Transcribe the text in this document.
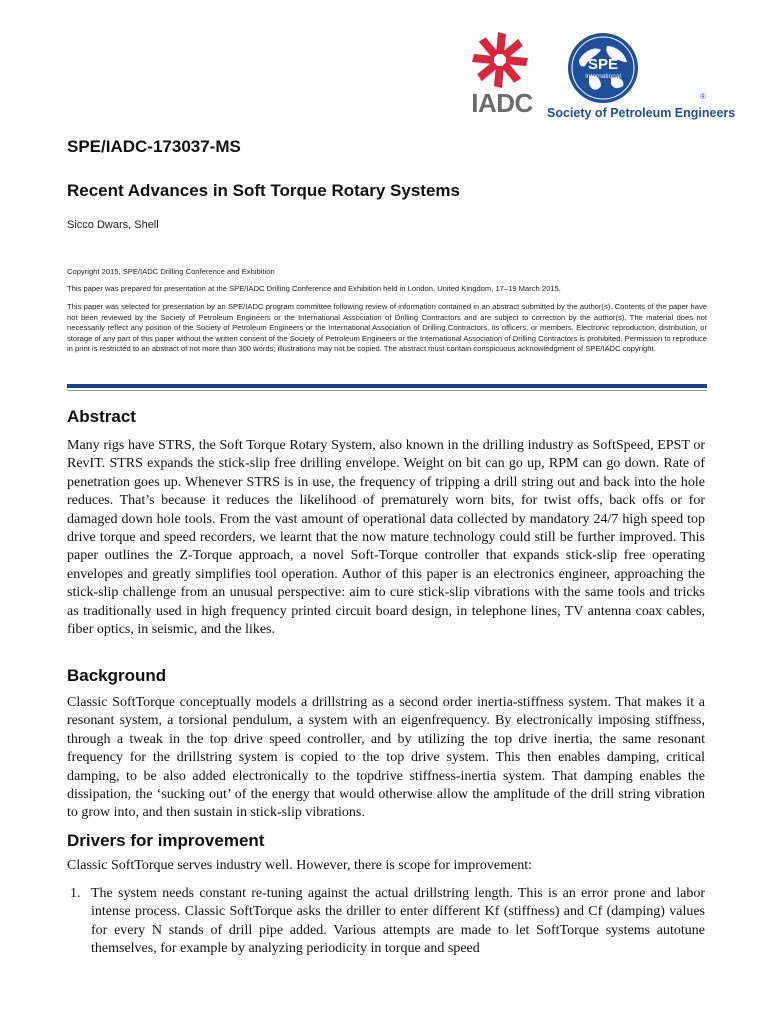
IADC
SPE
International
®
Society of Petroleum Engineers
SPE/IADC-173037-MS
Recent Advances in Soft Torque Rotary Systems
Sicco Dwars, Shell
Copyright 2015, SPE/IADC Drilling Conference and Exhibition
This paper was prepared for presentation at the SPE/IADC Drilling Conference and Exhibition held in London, United Kingdom, 17–19 March 2015.
This paper was selected for presentation by an SPE/IADC program committee following review of information contained in an abstract submitted by the author(s). Contents of the paper have not been reviewed by the Society of Petroleum Engineers or the International Association of Drilling Contractors and are subject to correction by the author(s). The material does not necessarily reflect any position of the Society of Petroleum Engineers or the International Association of Drilling Contractors, its officers, or members. Electronic reproduction, distribution, or storage of any part of this paper without the written consent of the Society of Petroleum Engineers or the International Association of Drilling Contractors is prohibited. Permission to reproduce in print is restricted to an abstract of not more than 300 words; illustrations may not be copied. The abstract must contain conspicuous acknowledgment of SPE/IADC copyright.
Abstract
Many rigs have STRS, the Soft Torque Rotary System, also known in the drilling industry as SoftSpeed, EPST or RevIT. STRS expands the stick-slip free drilling envelope. Weight on bit can go up, RPM can go down. Rate of penetration goes up. Whenever STRS is in use, the frequency of tripping a drill string out and back into the hole reduces. That’s because it reduces the likelihood of prematurely worn bits, for twist offs, back offs or for damaged down hole tools. From the vast amount of operational data collected by mandatory 24/7 high speed top drive torque and speed recorders, we learnt that the now mature technology could still be further improved. This paper outlines the Z-Torque approach, a novel Soft-Torque controller that expands stick-slip free operating envelopes and greatly simplifies tool operation. Author of this paper is an electronics engineer, approaching the stick-slip challenge from an unusual perspective: aim to cure stick-slip vibrations with the same tools and tricks as traditionally used in high frequency printed circuit board design, in telephone lines, TV antenna coax cables, fiber optics, in seismic, and the likes.
Background
Classic SoftTorque conceptually models a drillstring as a second order inertia-stiffness system. That makes it a resonant system, a torsional pendulum, a system with an eigenfrequency. By electronically imposing stiffness, through a tweak in the top drive speed controller, and by utilizing the top drive inertia, the same resonant frequency for the drillstring system is copied to the top drive system. This then enables damping, critical damping, to be also added electronically to the topdrive stiffness-inertia system. That damping enables the dissipation, the ‘sucking out’ of the energy that would otherwise allow the amplitude of the drill string vibration to grow into, and then sustain in stick-slip vibrations.
Drivers for improvement
Classic SoftTorque serves industry well. However, there is scope for improvement:
1. The system needs constant re-tuning against the actual drillstring length. This is an error prone and labor intense process. Classic SoftTorque asks the driller to enter different Kf (stiffness) and Cf (damping) values for every N stands of drill pipe added. Various attempts are made to let SoftTorque systems autotune themselves, for example by analyzing periodicity in torque and speed
